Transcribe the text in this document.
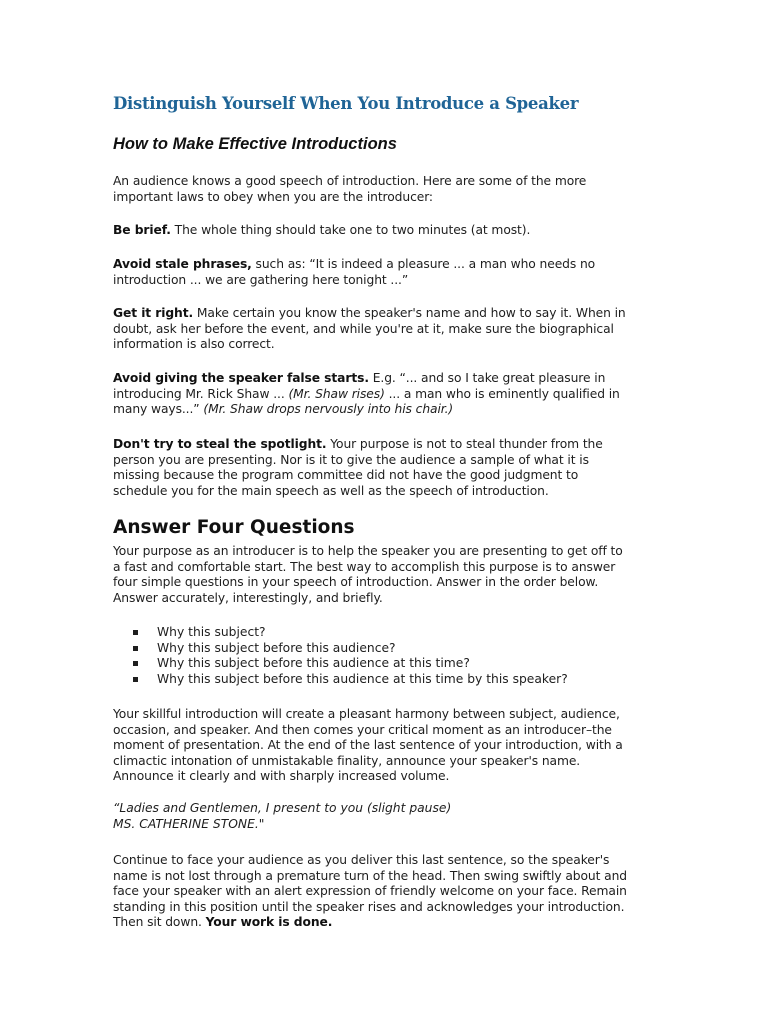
Distinguish Yourself When You Introduce a Speaker
How to Make Effective Introductions

An audience knows a good speech of introduction. Here are some of the more
important laws to obey when you are the introducer:

Be brief. The whole thing should take one to two minutes (at most).

Avoid stale phrases, such as: “It is indeed a pleasure ... a man who needs no
introduction ... we are gathering here tonight ...”

Get it right. Make certain you know the speaker's name and how to say it. When in
doubt, ask her before the event, and while you're at it, make sure the biographical
information is also correct.

Avoid giving the speaker false starts. E.g. “... and so I take great pleasure in
introducing Mr. Rick Shaw ... (Mr. Shaw rises) ... a man who is eminently qualified in
many ways...” (Mr. Shaw drops nervously into his chair.)

Don't try to steal the spotlight. Your purpose is not to steal thunder from the
person you are presenting. Nor is it to give the audience a sample of what it is
missing because the program committee did not have the good judgment to
schedule you for the main speech as well as the speech of introduction.

Answer Four Questions

Your purpose as an introducer is to help the speaker you are presenting to get off to
a fast and comfortable start. The best way to accomplish this purpose is to answer
four simple questions in your speech of introduction. Answer in the order below.
Answer accurately, interestingly, and briefly.

Why this subject?
Why this subject before this audience?
Why this subject before this audience at this time?
Why this subject before this audience at this time by this speaker?

Your skillful introduction will create a pleasant harmony between subject, audience,
occasion, and speaker. And then comes your critical moment as an introducer–the
moment of presentation. At the end of the last sentence of your introduction, with a
climactic intonation of unmistakable finality, announce your speaker's name.
Announce it clearly and with sharply increased volume.

“Ladies and Gentlemen, I present to you (slight pause)
MS. CATHERINE STONE."

Continue to face your audience as you deliver this last sentence, so the speaker's
name is not lost through a premature turn of the head. Then swing swiftly about and
face your speaker with an alert expression of friendly welcome on your face. Remain
standing in this position until the speaker rises and acknowledges your introduction.
Then sit down. Your work is done.
